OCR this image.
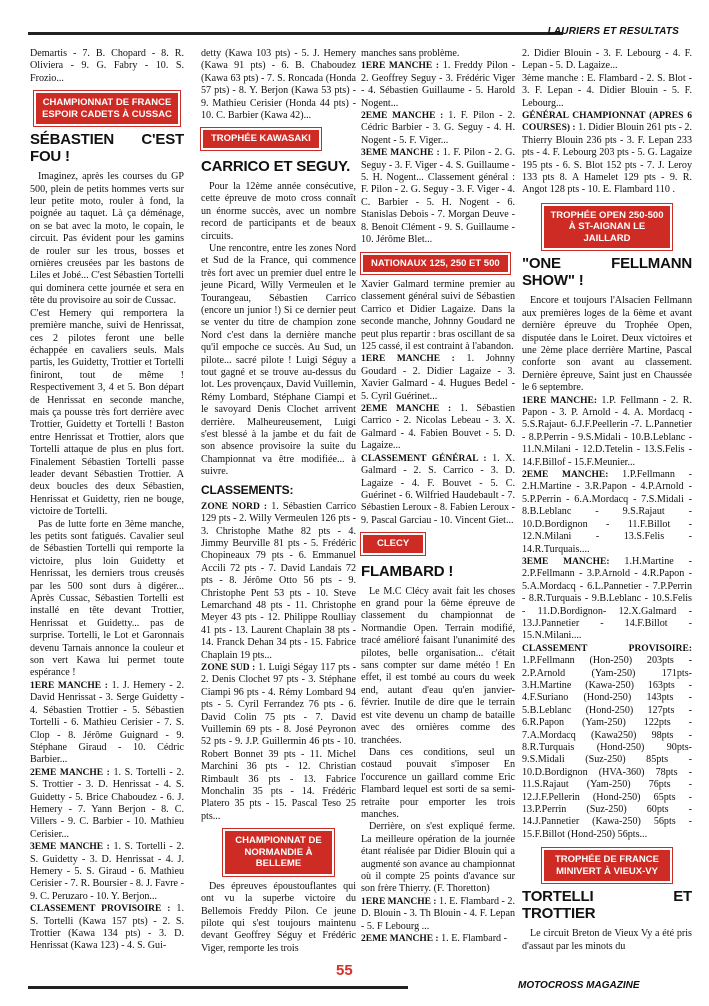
LAURIERS ET RESULTATS

Demartis - 7. B. Chopard - 8. R. Oliviera - 9. G. Fabry - 10. S. Frozio...

CHAMPIONNAT DE FRANCE ESPOIR CADETS À CUSSAC
SÉBASTIEN C'EST FOU !

Imaginez, après les courses du GP 500, plein de petits hommes verts sur leur petite moto, rouler à fond, la poignée au taquet. Là ça déménage, on se bat avec la moto, le copain, le circuit. Pas évident pour les gamins de rouler sur les trous, bosses et ornières creusées par les bastons de Liles et Jobé... C'est Sébastien Tortelli qui dominera cette journée et sera en tête du provisoire au soir de Cussac.

C'est Hemery qui remportera la première manche, suivi de Henrissat, ces 2 pilotes feront une belle échappée en cavaliers seuls. Mals partis, les Guidetty, Trottier et Tortelli finiront, tout de même ! Respectivement 3, 4 et 5. Bon départ de Henrissat en seconde manche, mais ça pousse très fort derrière avec Trottier, Guidetty et Tortelli ! Baston entre Henrissat et Trottier, alors que Tortelli attaque de plus en plus fort. Finalement Sébastien Tortelli passe leader devant Sébastien Trottier. A deux boucles des deux Sébastien, Henrissat et Guidetty, rien ne bouge, victoire de Tortelli.

Pas de lutte forte en 3ème manche, les petits sont fatigués. Cavalier seul de Sébastien Tortelli qui remporte la victoire, plus loin Guidetty et Henrissat, les derniers trous creusés par les 500 sont durs à digérer... Après Cussac, Sébastien Tortelli est installé en tête devant Trottier, Henrissat et Guidetty... pas de surprise. Tortelli, le Lot et Garonnais devenu Tarnais annonce la couleur et son vert Kawa lui permet toute espérance !

1ERE MANCHE : 1. J. Hemery - 2. David Henrissat - 3. Serge Guidetty - 4. Sébastien Trottier - 5. Sébastien Tortelli - 6. Mathieu Cerisier - 7. S. Clop - 8. Jérôme Guignard - 9. Stéphane Giraud - 10. Cédric Barbier...

2EME MANCHE : 1. S. Tortelli - 2. S. Trottier - 3. D. Henrissat - 4. S. Guidetty - 5. Brice Chaboudez - 6. J. Hemery - 7. Yann Berjon - 8. C. Villers - 9. C. Barbier - 10. Mathieu Cerisier...

3EME MANCHE : 1. S. Tortelli - 2. S. Guidetty - 3. D. Henrissat - 4. J. Hemery - 5. S. Giraud - 6. Mathieu Cerisier - 7. R. Boursier - 8. J. Favre - 9. C. Peruzaro - 10. Y. Berjon...

CLASSEMENT PROVISOIRE : 1. S. Tortelli (Kawa 157 pts) - 2. S. Trottier (Kawa 134 pts) - 3. D. Henrissat (Kawa 123) - 4. S. Gui-

detty (Kawa 103 pts) - 5. J. Hemery (Kawa 91 pts) - 6. B. Chaboudez (Kawa 63 pts) - 7. S. Roncada (Honda 57 pts) - 8. Y. Berjon (Kawa 53 pts) - 9. Mathieu Cerisier (Honda 44 pts) - 10. C. Barbier (Kawa 42)...

TROPHÉE KAWASAKI
CARRICO ET SEGUY.

Pour la 12ème année consécutive, cette épreuve de moto cross connaît un énorme succès, avec un nombre record de participants et de beaux circuits.

Une rencontre, entre les zones Nord et Sud de la France, qui commence très fort avec un premier duel entre le jeune Picard, Willy Vermeulen et le Tourangeau, Sébastien Carrico (encore un junior !) Si ce dernier peut se venter du titre de champion zone Nord c'est dans la dernière manche qu'il empoche ce succès. Au Sud, un pilote... sacré pilote ! Luigi Séguy a tout gagné et se trouve au-dessus du lot. Les provençaux, David Vuillemin, Rémy Lombard, Stéphane Ciampi et le savoyard Denis Clochet arrivent derrière. Malheureusement, Luigi s'est blessé à la jambe et du fait de son absence provisoire la suite du Championnat va être modifiée... à suivre.

CLASSEMENTS:

ZONE NORD : 1. Sébastien Carrico 129 pts - 2. Willy Vermeulen 126 pts - 3. Christophe Mathe 82 pts - 4. Jimmy Beurville 81 pts - 5. Frédéric Chopineaux 79 pts - 6. Emmanuel Accili 72 pts - 7. David Landais 72 pts - 8. Jérôme Otto 56 pts - 9. Christophe Pent 53 pts - 10. Steve Lemarchand 48 pts - 11. Christophe Meyer 43 pts - 12. Philippe Roulliay 41 pts - 13. Laurent Chaplain 38 pts - 14. Franck Dehan 34 pts - 15. Fabrice Chaplain 19 pts...

ZONE SUD : 1. Luigi Ségay 117 pts - 2. Denis Clochet 97 pts - 3. Stéphane Ciampi 96 pts - 4. Rémy Lombard 94 pts - 5. Cyril Ferrandez 76 pts - 6. David Colin 75 pts - 7. David Vuillemin 69 pts - 8. José Peyronon 52 pts - 9. J.P. Guillermin 46 pts - 10. Robert Bonnet 39 pts - 11. Michel Marchini 36 pts - 12. Christian Rimbault 36 pts - 13. Fabrice Monchalin 35 pts - 14. Frédéric Platero 35 pts - 15. Pascal Teso 25 pts...

CHAMPIONNAT DE NORMANDIE À BELLEME

Des épreuves époustouflantes qui ont vu la superbe victoire du Bellemois Freddy Pilon. Ce jeune pilote qui s'est toujours maintenu devant Geoffrey Séguy et Frédéric Viger, remporte les trois

manches sans problème.

1ERE MANCHE : 1. Freddy Pilon - 2. Geoffrey Seguy - 3. Frédéric Viger - 4. Sébastien Guillaume - 5. Harold Nogent...

2EME MANCHE : 1. F. Pilon - 2. Cédric Barbier - 3. G. Seguy - 4. H. Nogent - 5. F. Viger...

3EME MANCHE : 1. F. Pilon - 2. G. Seguy - 3. F. Viger - 4. S. Guillaume - 5. H. Nogent... Classement général : F. Pilon - 2. G. Seguy - 3. F. Viger - 4. C. Barbier - 5. H. Nogent - 6. Stanislas Debois - 7. Morgan Deuve - 8. Benoit Clément - 9. S. Guillaume - 10. Jérôme Blet...

NATIONAUX 125, 250 ET 500

Xavier Galmard termine premier au classement général suivi de Sébastien Carrico et Didier Lagaize. Dans la seconde manche, Johnny Goudard ne peut plus repartir : bras oscillant de sa 125 cassé, il est contraint à l'abandon.

1ERE MANCHE : 1. Johnny Goudard - 2. Didier Lagaize - 3. Xavier Galmard - 4. Hugues Bedel - 5. Cyril Guérinet...

2EME MANCHE : 1. Sébastien Carrico - 2. Nicolas Lebeau - 3. X. Galmard - 4. Fabien Bouvet - 5. D. Lagaize...

CLASSEMENT GÉNÉRAL : 1. X. Galmard - 2. S. Carrico - 3. D. Lagaize - 4. F. Bouvet - 5. C. Guérinet - 6. Wilfried Haudebault - 7. Sébastien Leroux - 8. Fabien Leroux - 9. Pascal Garciau - 10. Vincent Giet...

CLECY
FLAMBARD !

Le M.C Clécy avait fait les choses en grand pour la 6ème épreuve de classement du championnat de Normandie Open. Terrain modifié, tracé amélioré faisant l'unanimité des pilotes, belle organisation... c'était sans compter sur dame météo ! En effet, il est tombé au cours du week end, autant d'eau qu'en janvier-février. Inutile de dire que le terrain est vite devenu un champ de bataille avec des ornières comme des tranchées.

Dans ces conditions, seul un costaud pouvait s'imposer En l'occurence un gaillard comme Eric Flambard lequel est sorti de sa semi-retraite pour emporter les trois manches.

Derrière, on s'est expliqué ferme. La meilleure opération de la journée étant réalisée par Didier Blouin qui a augmenté son avance au championnat où il compte 25 points d'avance sur son frère Thierry. (F. Thoretton)

1ERE MANCHE : 1. E. Flambard - 2. D. Blouin - 3. Th Blouin - 4. F. Lepan - 5. F Lebourg ...

2EME MANCHE : 1. E. Flambard -

2. Didier Blouin - 3. F. Lebourg - 4. F. Lepan - 5. D. Lagaize...

3ème manche : E. Flambard - 2. S. Blot - 3. F. Lepan - 4. Didier Blouin - 5. F. Lebourg...

GÉNÉRAL CHAMPIONNAT (APRES 6 COURSES) : 1. Didier Blouin 261 pts - 2. Thierry Blouin 236 pts - 3. F. Lepan 233 pts - 4. F. Lebourg 203 pts - 5. G. Lagaize 195 pts - 6. S. Blot 152 pts - 7. J. Leroy 133 pts 8. A Hamelet 129 pts - 9. R. Angot 128 pts - 10. E. Flambard 110 .

TROPHÉE OPEN 250-500 À ST-AIGNAN LE JAILLARD
"ONE FELLMANN SHOW" !

Encore et toujours l'Alsacien Fellmann aux premières loges de la 6ème et avant dernière épreuve du Trophée Open, disputée dans le Loiret. Deux victoires et une 2ème place derrière Martine, Pascal conforte son avant au classement. Dernière épreuve, Saint just en Chaussée le 6 septembre.

1ERE MANCHE: 1.P. Fellmann - 2. R. Papon - 3. P. Arnold - 4. A. Mordacq - 5.S.Rajaut- 6.J.F.Peellerin -7. L.Pannetier - 8.P.Perrin - 9.S.Midali - 10.B.Leblanc - 11.N.Milani - 12.D.Tetelin - 13.S.Felis - 14.F.Billof - 15.F.Meunier...

2EME MANCHE: 1.P.Fellmann - 2.H.Martine - 3.R.Papon - 4.P.Arnold - 5.P.Perrin - 6.A.Mordacq - 7.S.Midali - 8.B.Leblanc - 9.S.Rajaut - 10.D.Bordignon - 11.F.Billot - 12.N.Milani - 13.S.Felis - 14.R.Turquais....

3EME MANCHE: 1.H.Martine - 2.P.Fellmann - 3.P.Arnold - 4.R.Papon - 5.A.Mordacq - 6.L.Pannetier - 7.P.Perrin - 8.R.Turquais - 9.B.Leblanc - 10.S.Felis - 11.D.Bordignon- 12.X.Galmard - 13.J.Pannetier - 14.F.Billot - 15.N.Milani....

CLASSEMENT PROVISOIRE: 1.P.Fellmann (Hon-250) 203pts - 2.P.Arnold (Yam-250) 171pts- 3.H.Martine (Kawa-250) 163pts - 4.F.Suriano (Hond-250) 143pts - 5.B.Leblanc (Hond-250) 127pts - 6.R.Papon (Yam-250) 122pts - 7.A.Mordacq (Kawa250) 98pts - 8.R.Turquais (Hond-250) 90pts- 9.S.Midali (Suz-250) 85pts - 10.D.Bordignon (HVA-360) 78pts - 11.S.Rajaut (Yam-250) 76pts - 12.J.F.Pellerin (Hond-250) 65pts - 13.P.Perrin (Suz-250) 60pts - 14.J.Pannetier (Kawa-250) 56pts - 15.F.Billot (Hond-250) 56pts...

TROPHÉE DE FRANCE MINIVERT À VIEUX-VY
TORTELLI ET TROTTIER

Le circuit Breton de Vieux Vy a été pris d'assaut par les minots du

55
MOTOCROSS MAGAZINE
